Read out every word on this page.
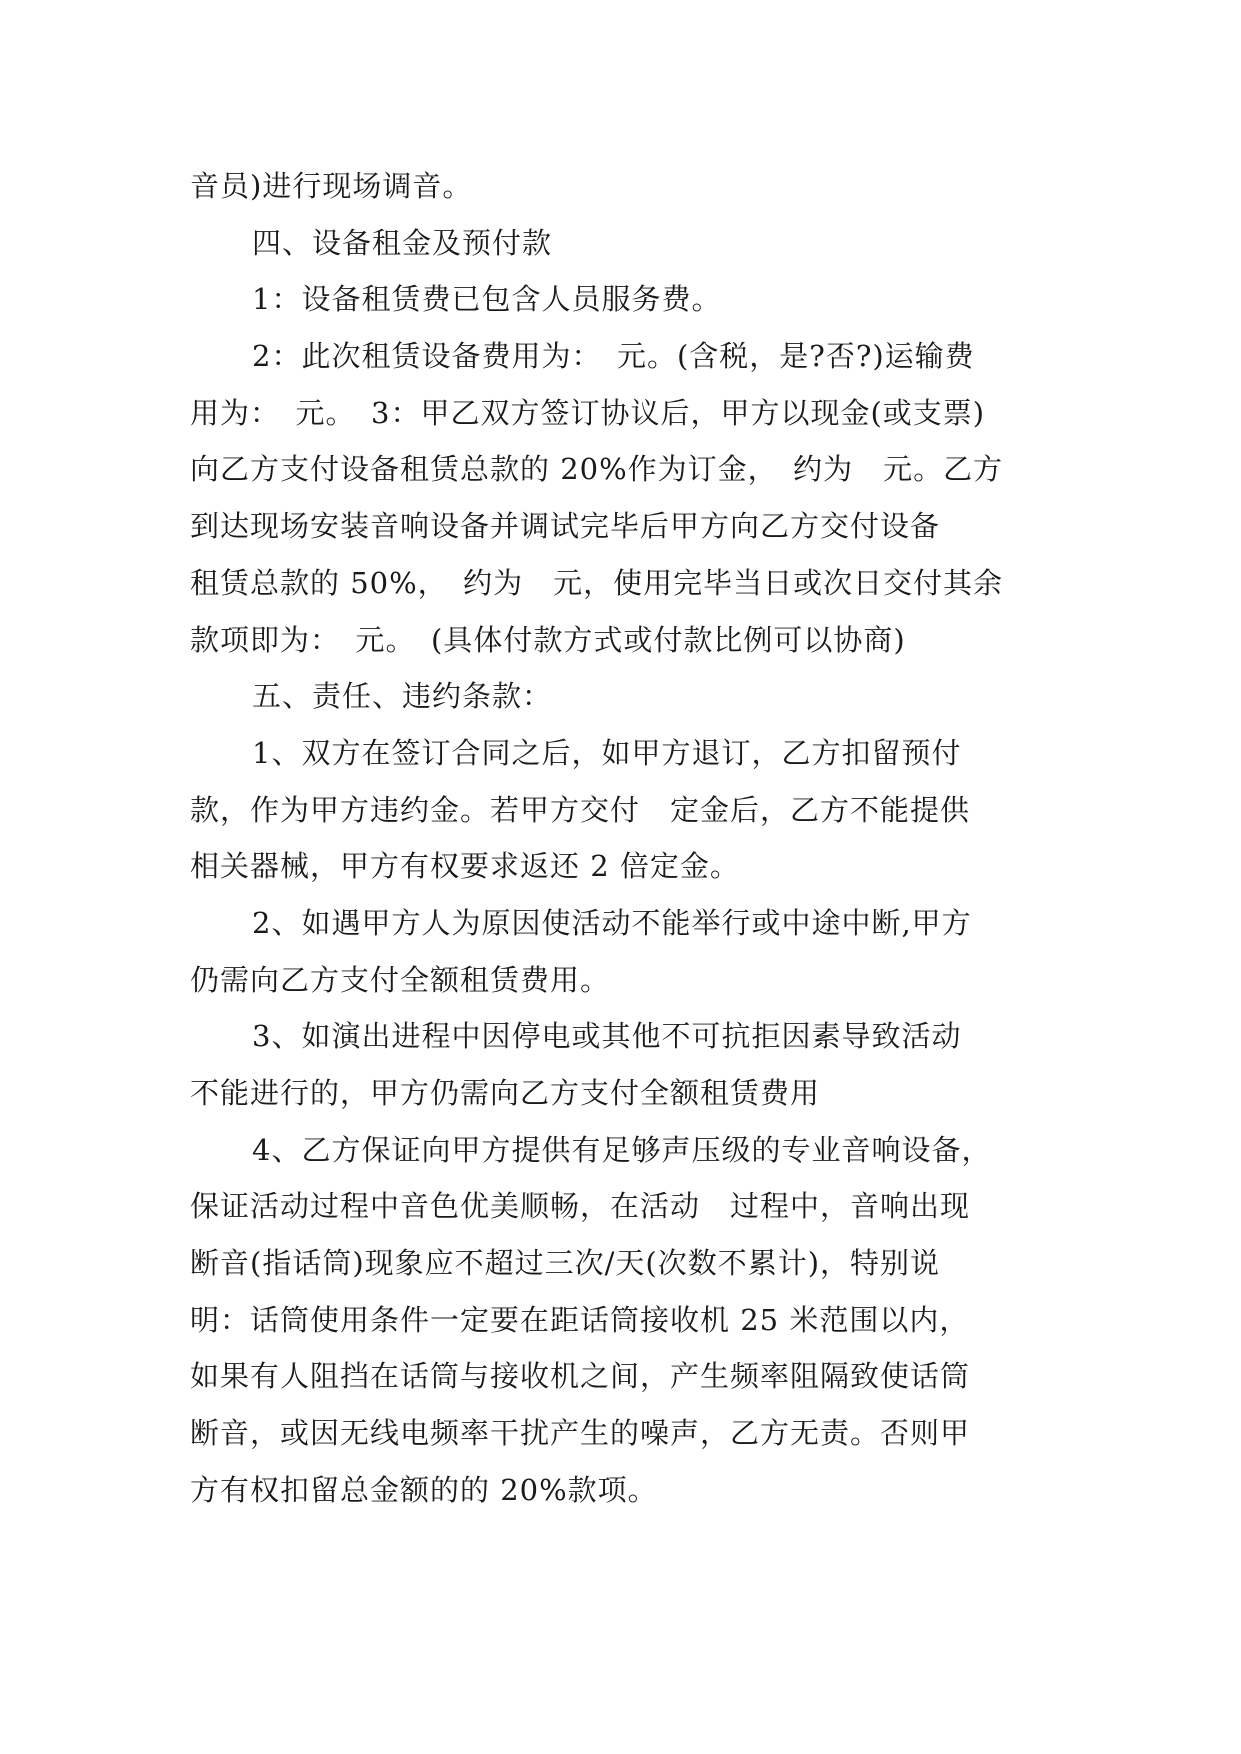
音员)进行现场调音。
四、设备租金及预付款
1：设备租赁费已包含人员服务费。
2：此次租赁设备费用为：　元。(含税，是?否?)运输费
用为：　元。　3：甲乙双方签订协议后，甲方以现金(或支票)
向乙方支付设备租赁总款的 20%作为订金，　约为　元。乙方
到达现场安装音响设备并调试完毕后甲方向乙方交付设备
租赁总款的 50%，　约为　元，使用完毕当日或次日交付其余
款项即为：　元。　(具体付款方式或付款比例可以协商)
五、责任、违约条款：
1、双方在签订合同之后，如甲方退订，乙方扣留预付
款，作为甲方违约金。若甲方交付　定金后，乙方不能提供
相关器械，甲方有权要求返还 2 倍定金。
2、如遇甲方人为原因使活动不能举行或中途中断,甲方
仍需向乙方支付全额租赁费用。
3、如演出进程中因停电或其他不可抗拒因素导致活动
不能进行的，甲方仍需向乙方支付全额租赁费用
4、乙方保证向甲方提供有足够声压级的专业音响设备，
保证活动过程中音色优美顺畅，在活动　过程中，音响出现
断音(指话筒)现象应不超过三次/天(次数不累计)，特别说
明：话筒使用条件一定要在距话筒接收机 25 米范围以内，
如果有人阻挡在话筒与接收机之间，产生频率阻隔致使话筒
断音，或因无线电频率干扰产生的噪声，乙方无责。否则甲
方有权扣留总金额的的 20%款项。
